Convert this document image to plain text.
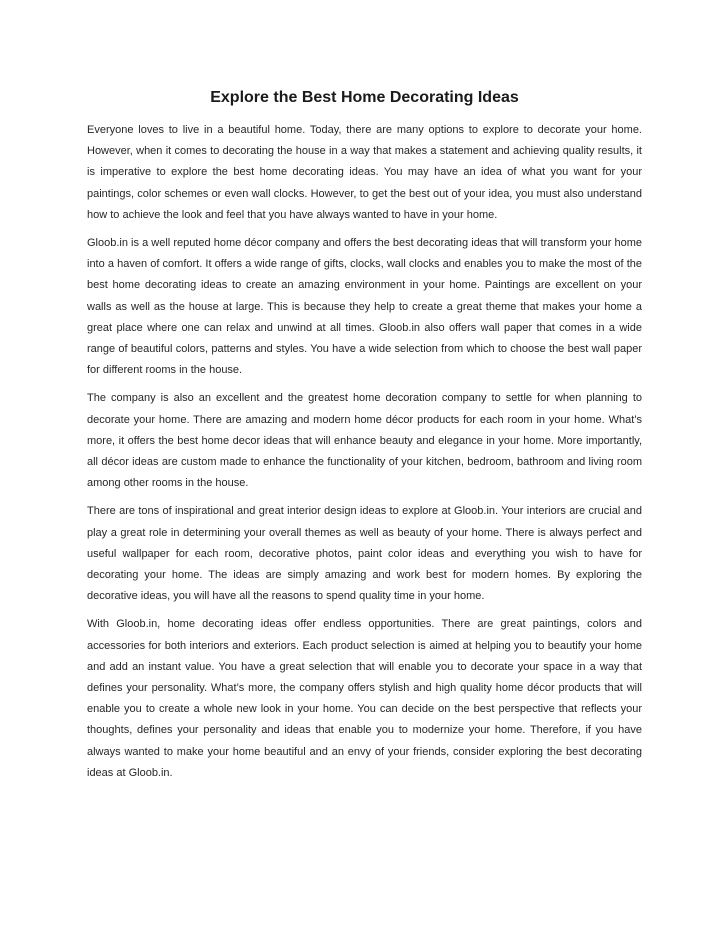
Explore the Best Home Decorating Ideas

Everyone loves to live in a beautiful home. Today, there are many options to explore to decorate your home. However, when it comes to decorating the house in a way that makes a statement and achieving quality results, it is imperative to explore the best home decorating ideas. You may have an idea of what you want for your paintings, color schemes or even wall clocks. However, to get the best out of your idea, you must also understand how to achieve the look and feel that you have always wanted to have in your home.

Gloob.in is a well reputed home décor company and offers the best decorating ideas that will transform your home into a haven of comfort. It offers a wide range of gifts, clocks, wall clocks and enables you to make the most of the best home decorating ideas to create an amazing environment in your home. Paintings are excellent on your walls as well as the house at large. This is because they help to create a great theme that makes your home a great place where one can relax and unwind at all times. Gloob.in also offers wall paper that comes in a wide range of beautiful colors, patterns and styles. You have a wide selection from which to choose the best wall paper for different rooms in the house.

The company is also an excellent and the greatest home decoration company to settle for when planning to decorate your home. There are amazing and modern home décor products for each room in your home. What’s more, it offers the best home decor ideas that will enhance beauty and elegance in your home. More importantly, all décor ideas are custom made to enhance the functionality of your kitchen, bedroom, bathroom and living room among other rooms in the house.

There are tons of inspirational and great interior design ideas to explore at Gloob.in. Your interiors are crucial and play a great role in determining your overall themes as well as beauty of your home. There is always perfect and useful wallpaper for each room, decorative photos, paint color ideas and everything you wish to have for decorating your home. The ideas are simply amazing and work best for modern homes. By exploring the decorative ideas, you will have all the reasons to spend quality time in your home.

With Gloob.in, home decorating ideas offer endless opportunities. There are great paintings, colors and accessories for both interiors and exteriors. Each product selection is aimed at helping you to beautify your home and add an instant value. You have a great selection that will enable you to decorate your space in a way that defines your personality. What’s more, the company offers stylish and high quality home décor products that will enable you to create a whole new look in your home. You can decide on the best perspective that reflects your thoughts, defines your personality and ideas that enable you to modernize your home. Therefore, if you have always wanted to make your home beautiful and an envy of your friends, consider exploring the best decorating ideas at Gloob.in.
